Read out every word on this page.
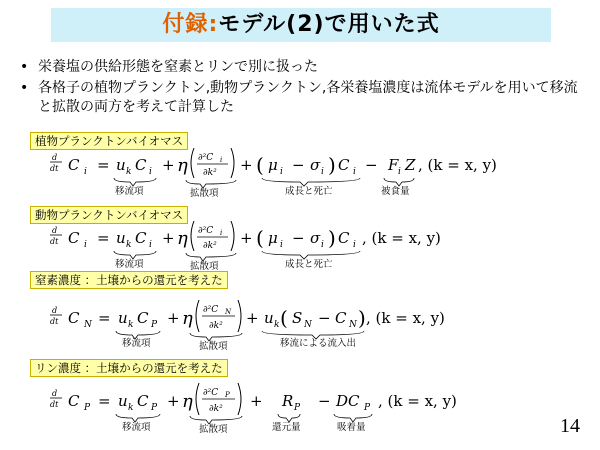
付録:モデル(2)で用いた式
• 栄養塩の供給形態を窒素とリンで別に扱った
• 各格子の植物プランクトン,動物プランクトン,各栄養塩濃度は流体モデルを用いて移流と拡散の両方を考えて計算した
植物プランクトンバイオマス
動物プランクトンバイオマス
窒素濃度 ：土壌からの還元を考えた
リン濃度 ：土壌からの還元を考えた
d
dt C i = u k C i + η ∂²C i
∂k² + ( μ i − σ i ) C i − F i Z , (k = x, y)
移流項	拡散項	成長と死亡	被食量
d
dt C i = u k C i + η ∂²C i
∂k² + ( μ i − σ i ) C i , (k = x, y)
移流項	拡散項	成長と死亡
d
dt C N = u k C P + η ∂²C N
∂k² + u k ( S N − C N ) , (k = x, y)
移流項	拡散項	移流による流入出
d
dt C P = u k C P + η ∂²C P
∂k² + R P − D C P , (k = x, y)
移流項	拡散項	還元量	吸着量	14
